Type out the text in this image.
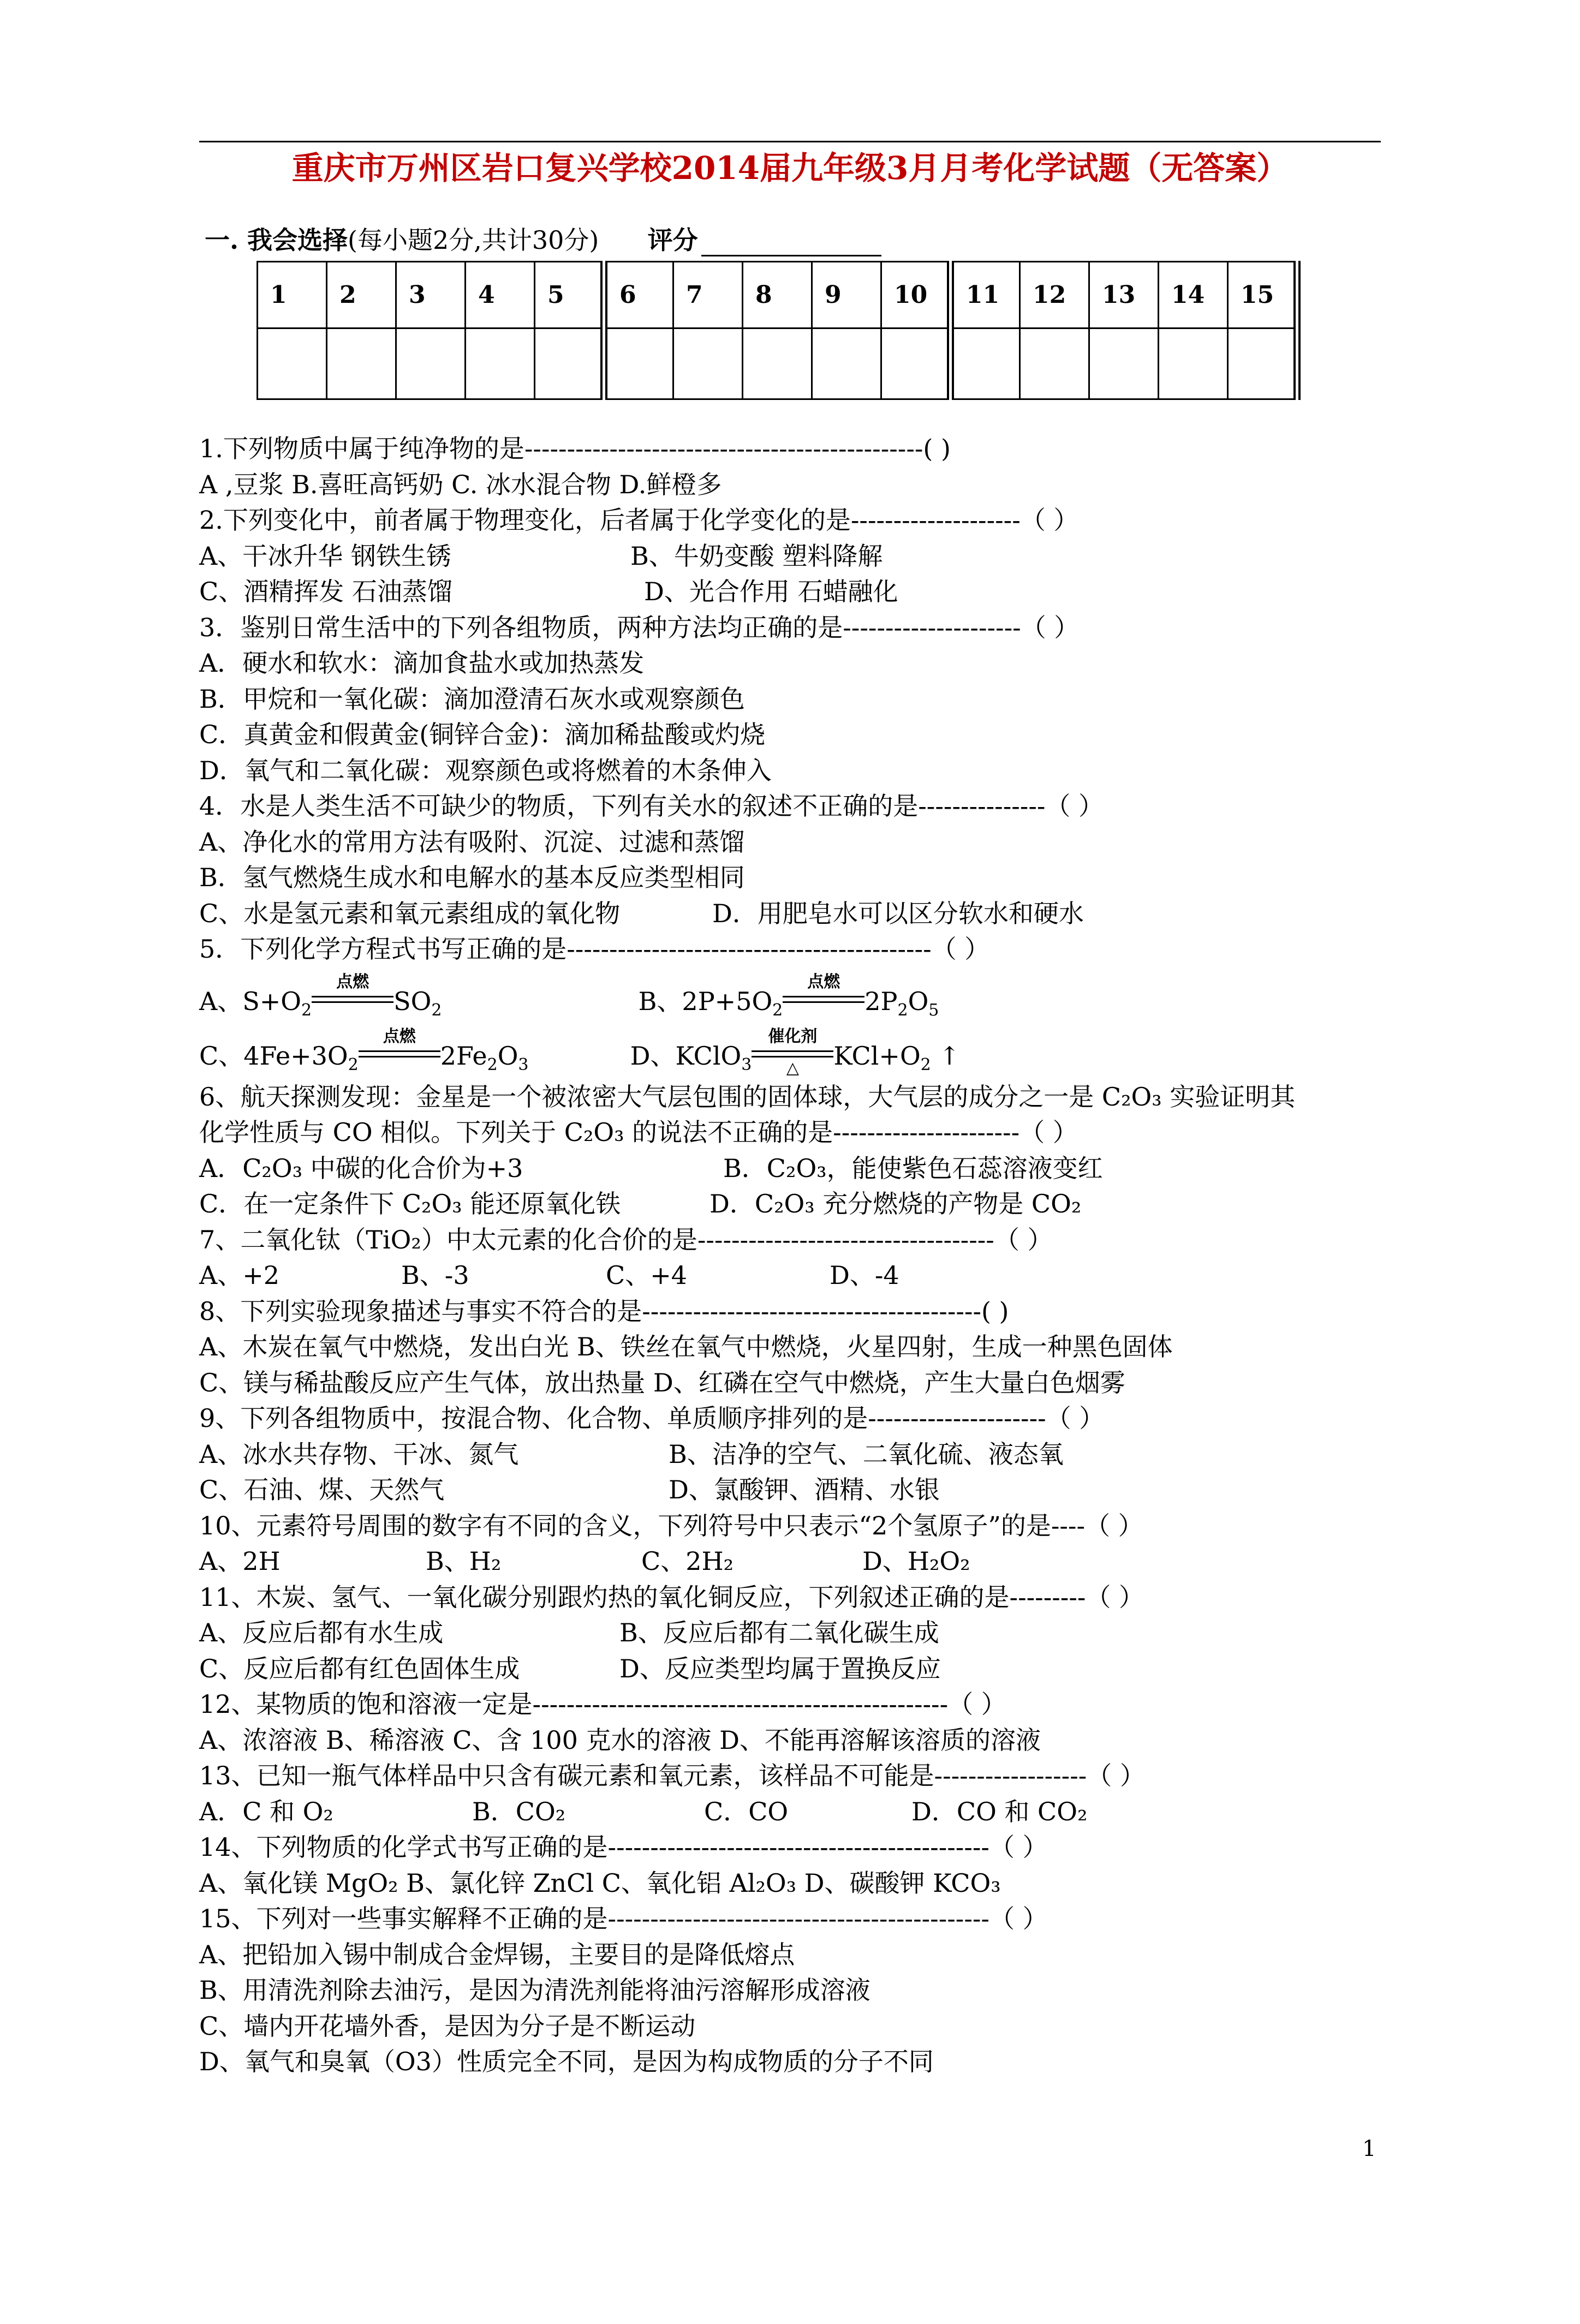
重庆市万州区岩口复兴学校2014届九年级3月月考化学试题（无答案）
一. 我会选择(每小题2分,共计30分) 评分
1	2	3	4	5	6	7	8	9	10	11	12	13	14	15

1.下列物质中属于纯净物的是-----------------------------------------------( )
A ,豆浆 B.喜旺高钙奶 C. 冰水混合物 D.鲜橙多
2.下列变化中，前者属于物理变化，后者属于化学变化的是--------------------（ ）
A、干冰升华 钢铁生锈	B、牛奶变酸 塑料降解
C、酒精挥发 石油蒸馏	D、光合作用 石蜡融化
3．鉴别日常生活中的下列各组物质，两种方法均正确的是---------------------（ ）
A．硬水和软水：滴加食盐水或加热蒸发
B．甲烷和一氧化碳：滴加澄清石灰水或观察颜色
C．真黄金和假黄金(铜锌合金)：滴加稀盐酸或灼烧
D．氧气和二氧化碳：观察颜色或将燃着的木条伸入
4．水是人类生活不可缺少的物质，下列有关水的叙述不正确的是---------------（ ）
A、净化水的常用方法有吸附、沉淀、过滤和蒸馏
B．氢气燃烧生成水和电解水的基本反应类型相同
C、水是氢元素和氧元素组成的氧化物	D．用肥皂水可以区分软水和硬水
5．下列化学方程式书写正确的是-------------------------------------------（ ）
A、$S+O_2$
点燃
$SO_2$	B、$2P+5O_2$
点燃
$2P_2O_5$
C、$4Fe+3O_2$
点燃
$2Fe_2O_3$	D、KClO$_3$
催化剂
△	$KCl+O_2$ ↑
6、航天探测发现：金星是一个被浓密大气层包围的固体球，大气层的成分之一是 C₂O₃ 实验证明其
化学性质与 CO 相似。下列关于 C₂O₃ 的说法不正确的是----------------------（ ）
A．C₂O₃ 中碳的化合价为+3	B．C₂O₃，能使紫色石蕊溶液变红
C．在一定条件下 C₂O₃ 能还原氧化铁	D．C₂O₃ 充分燃烧的产物是 CO₂
7、二氧化钛（TiO₂）中太元素的化合价的是-----------------------------------（ ）
A、+2	B、-3	C、+4	D、-4
8、下列实验现象描述与事实不符合的是----------------------------------------( )
A、木炭在氧气中燃烧，发出白光 B、铁丝在氧气中燃烧，火星四射，生成一种黑色固体
C、镁与稀盐酸反应产生气体，放出热量 D、红磷在空气中燃烧，产生大量白色烟雾
9、下列各组物质中，按混合物、化合物、单质顺序排列的是---------------------（ ）
A、冰水共存物、干冰、氮气	B、洁净的空气、二氧化硫、液态氧
C、石油、煤、天然气	D、氯酸钾、酒精、水银
10、元素符号周围的数字有不同的含义，下列符号中只表示“2个氢原子”的是----（ ）
A、2H	B、H₂	C、2H₂	D、H₂O₂
11、木炭、氢气、一氧化碳分别跟灼热的氧化铜反应，下列叙述正确的是---------（ ）
A、反应后都有水生成	B、反应后都有二氧化碳生成
C、反应后都有红色固体生成	D、反应类型均属于置换反应
12、某物质的饱和溶液一定是-------------------------------------------------（ ）
A、浓溶液 B、稀溶液 C、含 100 克水的溶液 D、不能再溶解该溶质的溶液
13、已知一瓶气体样品中只含有碳元素和氧元素，该样品不可能是------------------（ ）
A．C 和 O₂	B．CO₂	C．CO	D．CO 和 CO₂
14、下列物质的化学式书写正确的是---------------------------------------------（ ）
A、氧化镁 MgO₂ B、氯化锌 ZnCl C、氧化铝 Al₂O₃ D、碳酸钾 KCO₃
15、下列对一些事实解释不正确的是---------------------------------------------（ ）
A、把铅加入锡中制成合金焊锡，主要目的是降低熔点
B、用清洗剂除去油污，是因为清洗剂能将油污溶解形成溶液
C、墙内开花墙外香，是因为分子是不断运动
D、氧气和臭氧（O3）性质完全不同，是因为构成物质的分子不同
1
